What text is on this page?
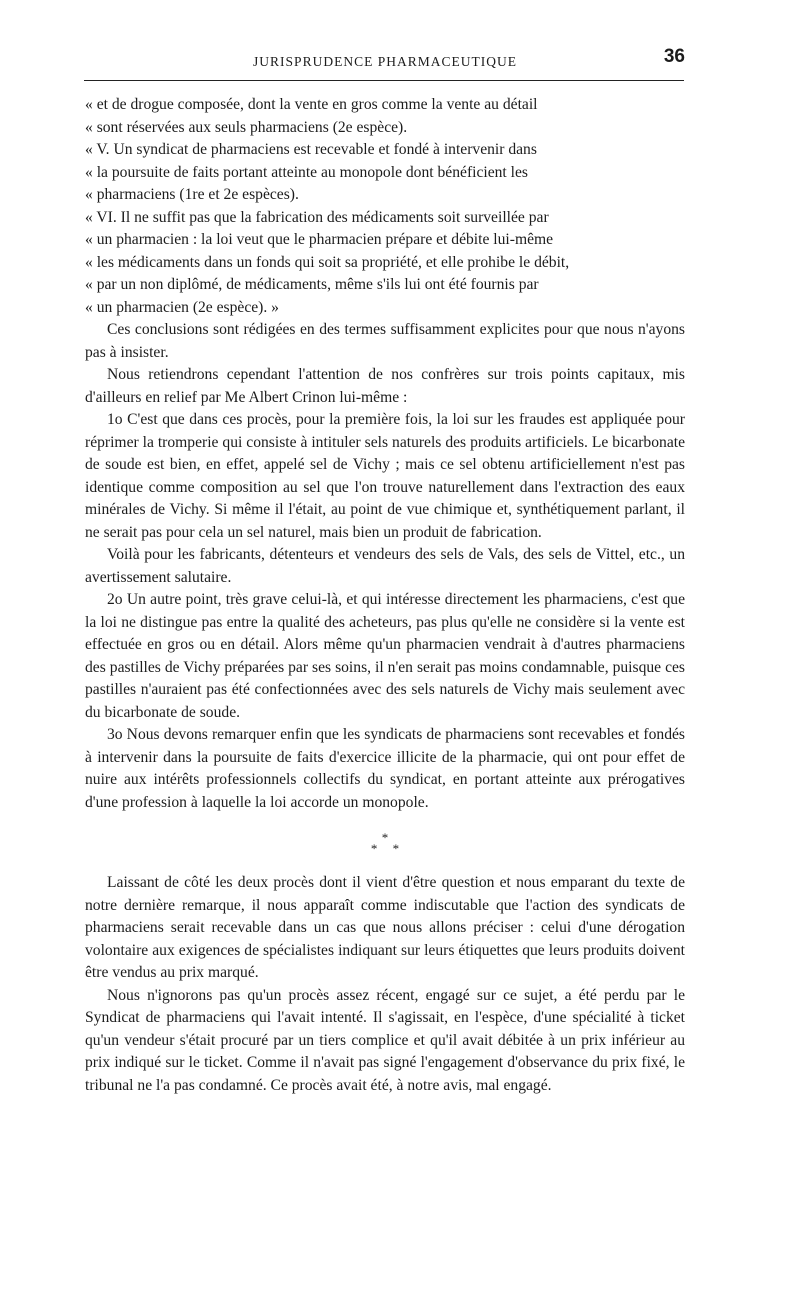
JURISPRUDENCE PHARMACEUTIQUE	36

« et de drogue composée, dont la vente en gros comme la vente au détail

« sont réservées aux seuls pharmaciens (2e espèce).

« V. Un syndicat de pharmaciens est recevable et fondé à intervenir dans

« la poursuite de faits portant atteinte au monopole dont bénéficient les

« pharmaciens (1re et 2e espèces).

« VI. Il ne suffit pas que la fabrication des médicaments soit surveillée par

« un pharmacien : la loi veut que le pharmacien prépare et débite lui-même

« les médicaments dans un fonds qui soit sa propriété, et elle prohibe le débit,

« par un non diplômé, de médicaments, même s'ils lui ont été fournis par

« un pharmacien (2e espèce). »

Ces conclusions sont rédigées en des termes suffisamment explicites pour que nous n'ayons pas à insister.

Nous retiendrons cependant l'attention de nos confrères sur trois points capitaux, mis d'ailleurs en relief par Me Albert Crinon lui-même :

1o C'est que dans ces procès, pour la première fois, la loi sur les fraudes est appliquée pour réprimer la tromperie qui consiste à intituler sels naturels des produits artificiels. Le bicarbonate de soude est bien, en effet, appelé sel de Vichy ; mais ce sel obtenu artificiellement n'est pas identique comme composition au sel que l'on trouve naturellement dans l'extraction des eaux minérales de Vichy. Si même il l'était, au point de vue chimique et, synthétiquement parlant, il ne serait pas pour cela un sel naturel, mais bien un produit de fabrication.

Voilà pour les fabricants, détenteurs et vendeurs des sels de Vals, des sels de Vittel, etc., un avertissement salutaire.

2o Un autre point, très grave celui-là, et qui intéresse directement les pharmaciens, c'est que la loi ne distingue pas entre la qualité des acheteurs, pas plus qu'elle ne considère si la vente est effectuée en gros ou en détail. Alors même qu'un pharmacien vendrait à d'autres pharmaciens des pastilles de Vichy préparées par ses soins, il n'en serait pas moins condamnable, puisque ces pastilles n'auraient pas été confectionnées avec des sels naturels de Vichy mais seulement avec du bicarbonate de soude.

3o Nous devons remarquer enfin que les syndicats de pharmaciens sont recevables et fondés à intervenir dans la poursuite de faits d'exercice illicite de la pharmacie, qui ont pour effet de nuire aux intérêts professionnels collectifs du syndicat, en portant atteinte aux prérogatives d'une profession à laquelle la loi accorde un monopole.

*
* *

Laissant de côté les deux procès dont il vient d'être question et nous emparant du texte de notre dernière remarque, il nous apparaît comme indiscutable que l'action des syndicats de pharmaciens serait recevable dans un cas que nous allons préciser : celui d'une dérogation volontaire aux exigences de spécialistes indiquant sur leurs étiquettes que leurs produits doivent être vendus au prix marqué.

Nous n'ignorons pas qu'un procès assez récent, engagé sur ce sujet, a été perdu par le Syndicat de pharmaciens qui l'avait intenté. Il s'agissait, en l'espèce, d'une spécialité à ticket qu'un vendeur s'était procuré par un tiers complice et qu'il avait débitée à un prix inférieur au prix indiqué sur le ticket. Comme il n'avait pas signé l'engagement d'observance du prix fixé, le tribunal ne l'a pas condamné. Ce procès avait été, à notre avis, mal engagé.
